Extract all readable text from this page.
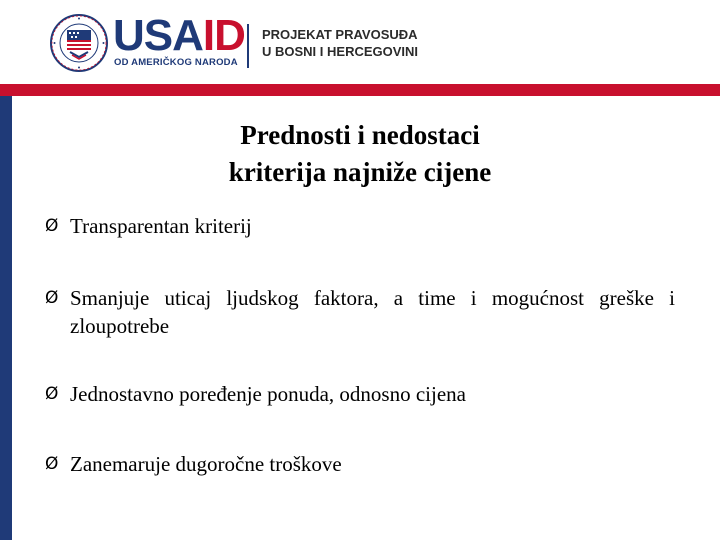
USAID
OD AMERIČKOG NARODA
PROJEKAT PRAVOSUĐA
U BOSNI I HERCEGOVINI
Prednosti i nedostaci
kriterija najniže cijene
Ø Transparentan kriterij
Ø Smanjuje uticaj ljudskog faktora, a time i mogućnost greške i zloupotrebe
Ø Jednostavno poređenje ponuda, odnosno cijena
Ø Zanemaruje dugoročne troškove
